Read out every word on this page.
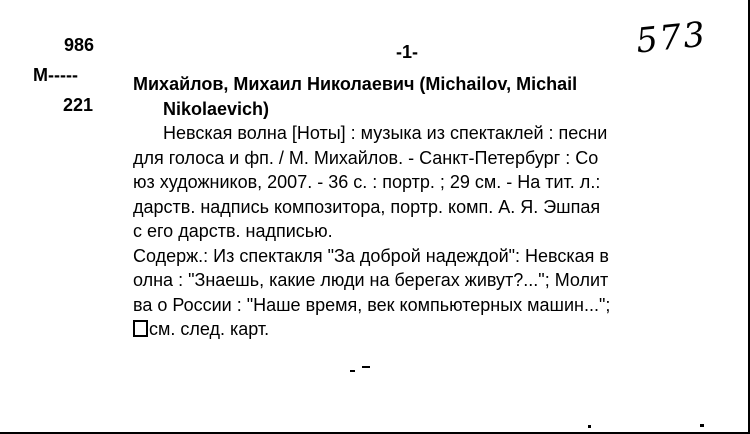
986
М-----
221
-1-	573
Михайлов, Михаил Николаевич (Michailov, Michail
Nikolaevich)
Невская волна [Ноты] : музыка из спектаклей : песни
для голоса и фп. / М. Михайлов. - Санкт-Петербург : Со
юз художников, 2007. - 36 с. : портр. ; 29 см. - На тит. л.:
дарств. надпись композитора, портр. комп. А. Я. Эшпая
с его дарств. надписью.
Содерж.: Из спектакля "За доброй надеждой": Невская в
олна : "Знаешь, какие люди на берегах живут?..."; Молит
ва о России : "Наше время, век компьютерных машин...";
см. след. карт.
